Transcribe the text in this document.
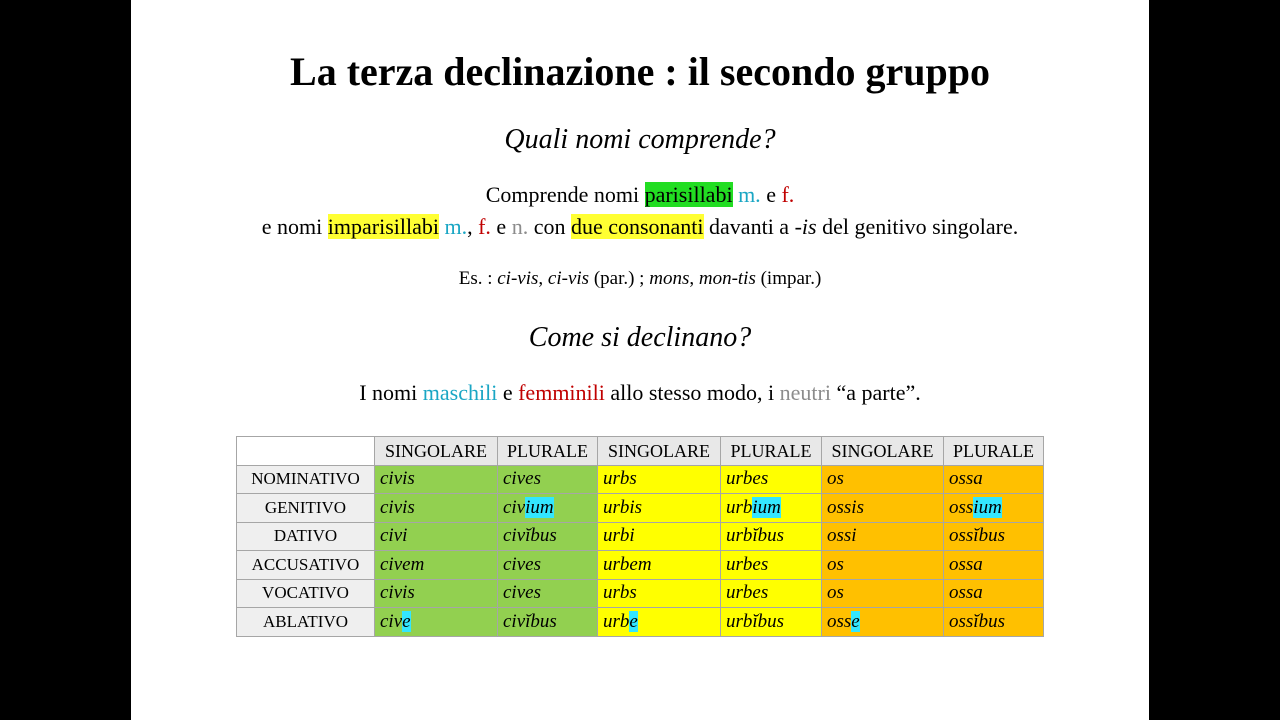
La terza declinazione : il secondo gruppo
Quali nomi comprende?
Comprende nomi parisillabi m. e f.
e nomi imparisillabi m., f. e n. con due consonanti davanti a -is del genitivo singolare.
Es. : ci-vis, ci-vis (par.) ; mons, mon-tis (impar.)
Come si declinano?
I nomi maschili e femminili allo stesso modo, i neutri “a parte”.
	SINGOLARE	PLURALE	SINGOLARE	PLURALE	SINGOLARE	PLURALE
NOMINATIVO	civis	cives	urbs	urbes	os	ossa
GENITIVO	civis	civium	urbis	urbium	ossis	ossium
DATIVO	civi	civĭbus	urbi	urbĭbus	ossi	ossĭbus
ACCUSATIVO	civem	cives	urbem	urbes	os	ossa
VOCATIVO	civis	cives	urbs	urbes	os	ossa
ABLATIVO	cive	civĭbus	urbe	urbĭbus	osse	ossĭbus
